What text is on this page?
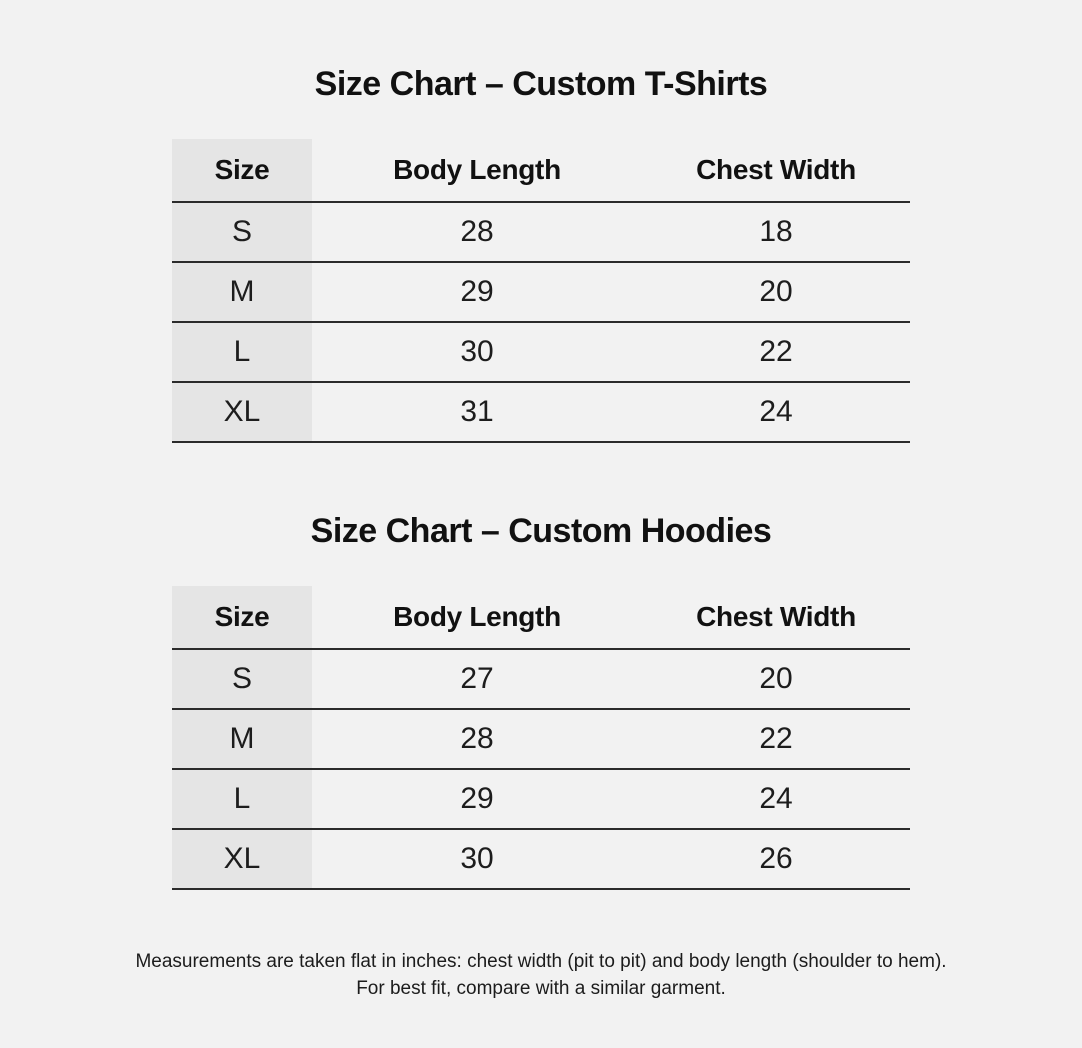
Size Chart – Custom T-Shirts
Size	Body Length	Chest Width
S	28	18
M	29	20
L	30	22
XL	31	24
Size Chart – Custom Hoodies
Size	Body Length	Chest Width
S	27	20
M	28	22
L	29	24
XL	30	26
Measurements are taken flat in inches: chest width (pit to pit) and body length (shoulder to hem).
For best fit, compare with a similar garment.
